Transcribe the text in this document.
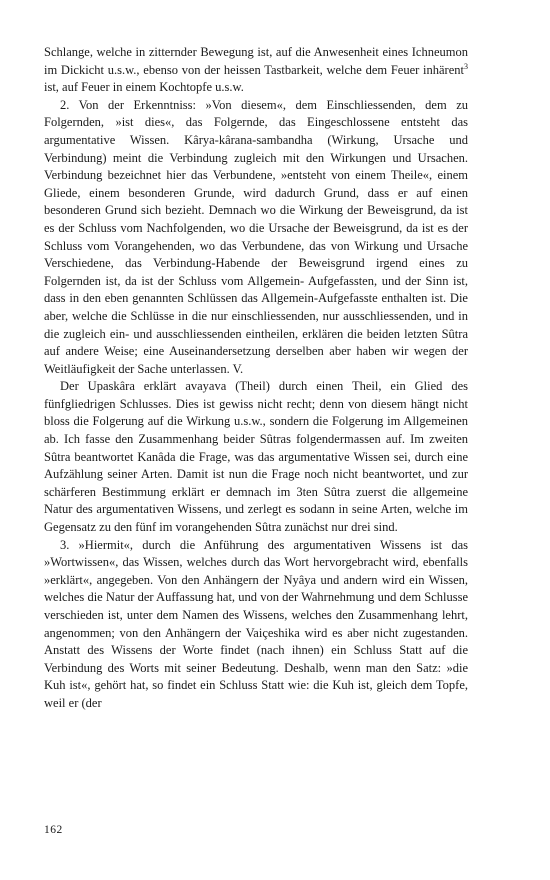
Schlange, welche in zitternder Bewegung ist, auf die Anwesenheit eines Ichneumon im Dickicht u.s.w., ebenso von der heissen Tastbarkeit, welche dem Feuer inhärent$^3$ ist, auf Feuer in einem Kochtopfe u.s.w.

2. Von der Erkenntniss: »Von diesem«, dem Einschliessenden, dem zu Folgernden, »ist dies«, das Folgernde, das Eingeschlossene entsteht das argumentative Wissen. Kârya-kârana-sambandha (Wirkung, Ursache und Verbindung) meint die Verbindung zugleich mit den Wirkungen und Ursachen. Verbindung bezeichnet hier das Verbundene, »entsteht von einem Theile«, einem Gliede, einem besonderen Grunde, wird dadurch Grund, dass er auf einen besonderen Grund sich bezieht. Demnach wo die Wirkung der Beweisgrund, da ist es der Schluss vom Nachfolgenden, wo die Ursache der Beweisgrund, da ist es der Schluss vom Vorangehenden, wo das Verbundene, das von Wirkung und Ursache Verschiedene, das Verbindung-Habende der Beweisgrund irgend eines zu Folgernden ist, da ist der Schluss vom Allgemein- Aufgefassten, und der Sinn ist, dass in den eben genannten Schlüssen das Allgemein-Aufgefasste enthalten ist. Die aber, welche die Schlüsse in die nur einschliessenden, nur ausschliessenden, und in die zugleich ein- und ausschliessenden eintheilen, erklären die beiden letzten Sûtra auf andere Weise; eine Auseinandersetzung derselben aber haben wir wegen der Weitläufigkeit der Sache unterlassen. V.

Der Upaskâra erklärt avayava (Theil) durch einen Theil, ein Glied des fünfgliedrigen Schlusses. Dies ist gewiss nicht recht; denn von diesem hängt nicht bloss die Folgerung auf die Wirkung u.s.w., sondern die Folgerung im Allgemeinen ab. Ich fasse den Zusammenhang beider Sûtras folgendermassen auf. Im zweiten Sûtra beantwortet Kanâda die Frage, was das argumentative Wissen sei, durch eine Aufzählung seiner Arten. Damit ist nun die Frage noch nicht beantwortet, und zur schärferen Bestimmung erklärt er demnach im 3ten Sûtra zuerst die allgemeine Natur des argumentativen Wissens, und zerlegt es sodann in seine Arten, welche im Gegensatz zu den fünf im vorangehenden Sûtra zunächst nur drei sind.

3. »Hiermit«, durch die Anführung des argumentativen Wissens ist das »Wortwissen«, das Wissen, welches durch das Wort hervorgebracht wird, ebenfalls »erklärt«, angegeben. Von den Anhängern der Nyâya und andern wird ein Wissen, welches die Natur der Auffassung hat, und von der Wahrnehmung und dem Schlusse verschieden ist, unter dem Namen des Wissens, welches den Zusammenhang lehrt, angenommen; von den Anhängern der Vaiçeshika wird es aber nicht zugestanden. Anstatt des Wissens der Worte findet (nach ihnen) ein Schluss Statt auf die Verbindung des Worts mit seiner Bedeutung. Deshalb, wenn man den Satz: »die Kuh ist«, gehört hat, so findet ein Schluss Statt wie: die Kuh ist, gleich dem Topfe, weil er (der

162
